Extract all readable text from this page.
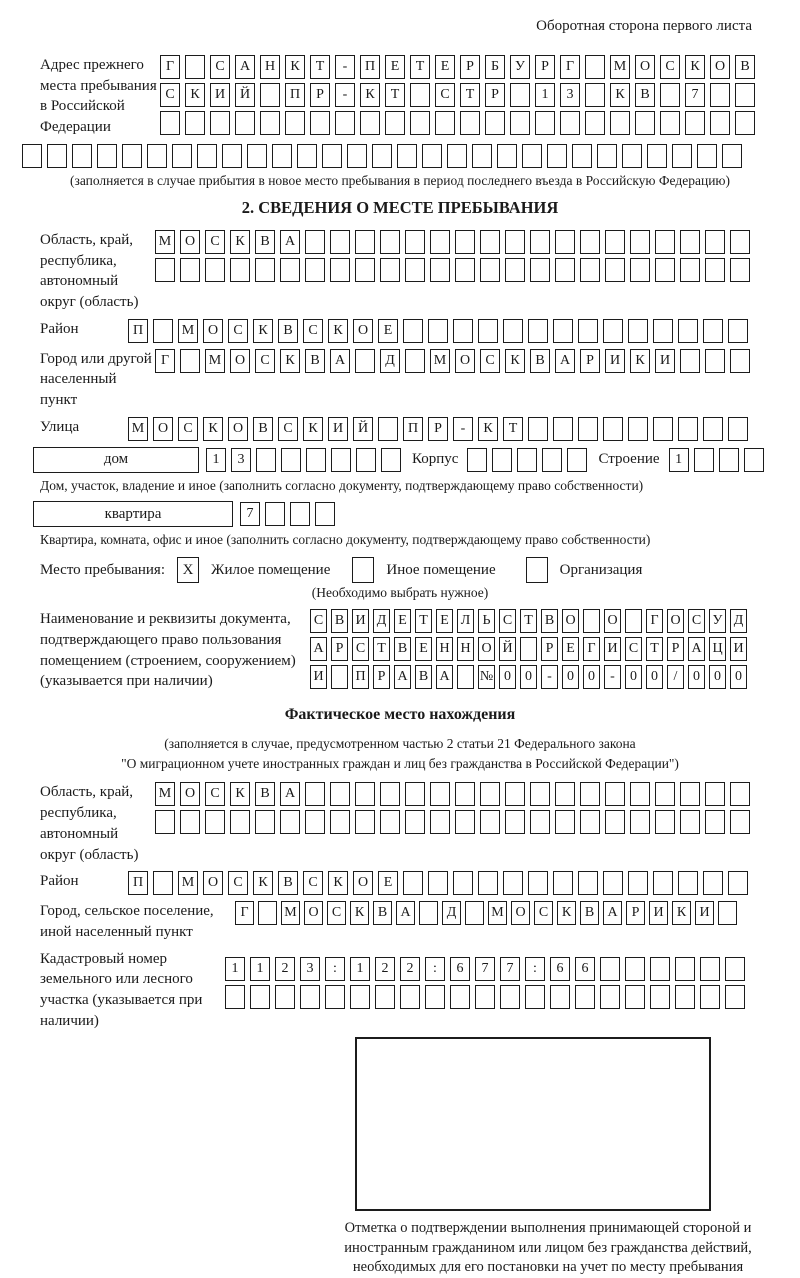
Оборотная сторона первого листа
Адрес прежнего места пребывания в Российской Федерации
Г	С	А	Н	К	Т	-	П	Е	Т	Е	Р	Б	У	Р	Г	М О	С	К	О	В
С	К	И	Й	П	Р	-	К	Т	С	Т	Р	1	3	К	В	7
(заполняется в случае прибытия в новое место пребывания в период последнего въезда в Российскую Федерацию)
2. СВЕДЕНИЯ О МЕСТЕ ПРЕБЫВАНИЯ
Область, край, республика, автономный округ (область)
М О	С	К	В	А
Район	П	М О	С	К	В	С	К	О	Е
Город или другой населенный пункт
Г	М О	С	К	В	А	Д	М О	С	К	В	А	Р	И	К	И
Улица	М О	С	К	О	В	С	К	И	Й	П	Р	-	К	Т
дом	1	3	Корпус	Строение	1
Дом, участок, владение и иное (заполнить согласно документу, подтверждающему право собственности)
квартира	7
Квартира, комната, офис и иное (заполнить согласно документу, подтверждающему право собственности)
Место пребывания:	X	Жилое помещение	Иное помещение	Организация
(Необходимо выбрать нужное)
Наименование и реквизиты документа, подтверждающего право пользования помещением (строением, сооружением) (указывается при наличии)
С В И Д Е Т Е Л Ь С Т В О О	Г О С У Д
А Р С Т В Е Н Н О Й	Р Е Г И С Т Р А Ц И
И П Р А В А № 0	0	-	0	0	-	0	0	/	0	0	0
Фактическое место нахождения
(заполняется в случае, предусмотренном частью 2 статьи 21 Федерального закона
"О миграционном учете иностранных граждан и лиц без гражданства в Российской Федерации")
Область, край, республика, автономный округ (область)
М О	С	К	В	А
Район	П	М О	С	К	В	С	К	О	Е
Город, сельское поселение, иной населенный пункт
Г	М О С К В А	Д	М О С К В А	Р	И К И
Кадастровый номер земельного или лесного участка (указывается при наличии)
1	1	2	3	:	1	2	2	:	6	7	7	:	6	6
Отметка о подтверждении выполнения принимающей стороной и иностранным гражданином или лицом без гражданства действий, необходимых для его постановки на учет по месту пребывания
